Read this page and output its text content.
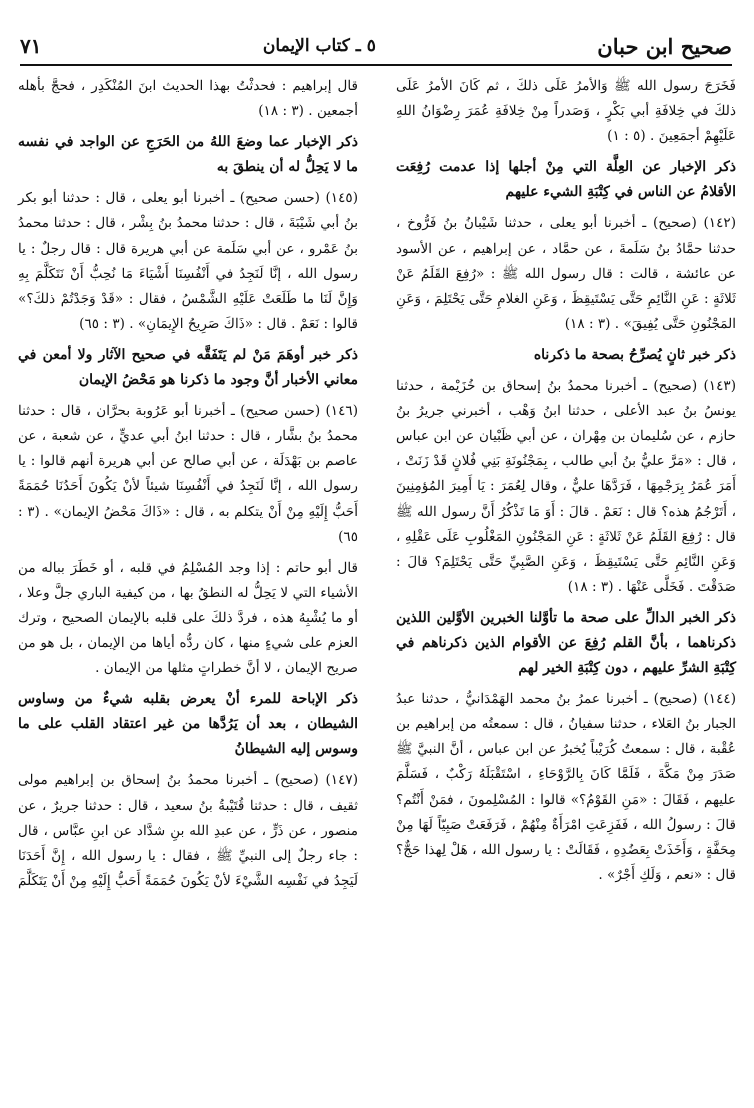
صحيح ابن حبان
٥ ـ كتاب الإيمان
٧١

فَخَرَجَ رسول الله ﷺ وَالأمرُ عَلَى ذلكَ ، ثم كَانَ الأمرُ عَلَى ذلكَ في خِلافَةِ أبي بَكْرٍ ، وَصَدراً مِنْ خِلافَةِ عُمَرَ رِضْوَانُ اللهِ عَلَيْهِمْ أجمَعِينَ . (٥ : ١)

ذكر الإخبار عن العِلَّة التي مِنْ أجلها إذا عدمت رُفِعَت الأقلامُ عن الناس في كِتْبَةِ الشيء عليهم

(١٤٢) (صحيح) ـ أخبرنا أبو يعلى ، حدثنا شَيْبانُ بنُ فَرُّوخ ، حدثنا حمَّادُ بنُ سَلَمةَ ، عن حمَّاد ، عن إبراهيم ، عن الأسود عن عائشة ، قالت : قال رسول الله ﷺ : «رُفِعَ القَلَمُ عَنْ ثَلاثَةٍ : عَنِ النَّائِمِ حَتَّى يَسْتَيقِظَ ، وَعَنِ الغلامِ حَتَّى يَحْتَلِمَ ، وَعَنِ المَجْنُونِ حَتَّى يُفِيقَ» . (٣ : ١٨)

ذكر خبر ثانٍ يُصرِّحُ بصحة ما ذكرناه

(١٤٣) (صحيح) ـ أخبرنا محمدُ بنُ إسحاق بن خُزَيْمة ، حدثنا يونسُ بنُ عبد الأعلى ، حدثنا ابنُ وَهْب ، أخبرني جريرُ بنُ حازم ، عن سُليمان بن مِهْران ، عن أبي ظَبْيان عن ابن عباس ، قال : «مَرَّ عليُّ بنُ أبي طالب ، بِمَجْنُونَةِ بَنِي فُلانٍ قَدْ زَنَتْ ، أَمَرَ عُمَرُ بِرَجْمِهَا ، فَرَدَّهَا عليٌّ ، وقال لِعُمَرَ : يَا أَمِيرَ المُؤمِنِينَ ، أَتَرْجُمُ هذه؟ قال : نَعَمْ . قالَ : أَوَ مَا تَذْكُرُ أَنَّ رسول الله ﷺ قال : رُفِعَ القَلَمُ عَنْ ثَلاثَةٍ : عَنِ المَجْنُونِ المَغْلُوبِ عَلَى عَقْلِهِ ، وَعَنِ النَّائِمِ حَتَّى يَسْتَيقِظَ ، وَعَنِ الصَّبِيِّ حَتَّى يَحْتَلِمَ؟ قالَ : صَدَقْتَ . فَخَلَّى عَنْهَا . (٣ : ١٨)

ذكر الخبر الدالِّ على صحة ما تأوَّلنا الخبرين الأوَّلين اللذين ذكرناهما ، بأنَّ القلم رُفِعَ عن الأقوام الذين ذكرناهم في كِتْبَةِ الشرِّ عليهم ، دون كِتْبَةِ الخير لهم

(١٤٤) (صحيح) ـ أخبرنا عمرُ بنُ محمد الهَمْدَانيُّ ، حدثنا عبدُ الجبار بنُ العَلاء ، حدثنا سفيانُ ، قال : سمعتُه من إبراهيم بن عُقْبة ، قال : سمعتُ كُرَيْباً يُخبرُ عن ابن عباس ، أنَّ النبيَّ ﷺ صَدَرَ مِنْ مَكَّةَ ، فَلَمَّا كَانَ بِالرَّوْحَاءِ ، اسْتَقْبَلَهُ رَكْبٌ ، فَسَلَّمَ عليهم ، فَقَالَ : «مَنِ القَوْمُ؟» قالوا : المُسْلِمونَ ، فمَنْ أَنْتُم؟ قالَ : رسولُ الله ، فَفَزِعَتِ امْرَأَةٌ مِنْهُمْ ، فَرَفَعَتْ صَبِيّاً لَهَا مِنْ مِحَفَّةٍ ، وَأَخَذَتْ بِعَضُدِهِ ، فَقَالَتْ : يا رسول الله ، هَلْ لِهذا حَجٌّ؟ قال : «نعم ، وَلَكِ أَجْرٌ» .

قال إبراهيم : فحدثْتُ بهذا الحديث ابنَ المُنْكَدِر ، فحجَّ بأهله أجمعين . (٣ : ١٨)

ذكر الإخبار عما وضعَ اللهُ من الحَرَجِ عن الواجد في نفسه ما لا يَحِلُّ له أن ينطقَ به

(١٤٥) (حسن صحيح) ـ أخبرنا أبو يعلى ، قال : حدثنا أبو بكر بنُ أبي شَيْبَةَ ، قال : حدثنا محمدُ بنُ بِشْر ، قال : حدثنا محمدُ بنُ عَمْرو ، عن أبي سَلَمة عن أبي هريرة قال : قال رجلٌ : يا رسول الله ، إنَّا لَنَجِدُ في أَنْفُسِنَا أَشْيَاءَ مَا نُحِبُّ أَنْ نَتَكَلَّمَ بِهِ وَإِنَّ لَنَا ما طَلَعَتْ عَلَيْهِ الشَّمْسُ ، فقال : «قَدْ وَجَدْتُمْ ذلكَ؟» قالوا : نَعَمْ . قال : «ذَاكَ صَرِيحُ الإِيمَانِ» . (٣ : ٦٥)

ذكر خبر أوهَمَ مَنْ لم يَتَفَقَّه في صحيح الآثار ولا أمعن في معاني الأخبار أنَّ وجود ما ذكرنا هو مَحْضُ الإيمان

(١٤٦) (حسن صحيح) ـ أخبرنا أبو عَرُوبة بحرَّان ، قال : حدثنا محمدُ بنُ بشَّار ، قال : حدثنا ابنُ أبي عديٍّ ، عن شعبة ، عن عاصم بن بَهْدَلَة ، عن أبي صالح عن أبي هريرة أنهم قالوا : يا رسول الله ، إنَّا لَنَجِدُ في أَنْفُسِنَا شيئاً لأنْ يَكُونَ أَحَدُنَا حُمَمَةً أَحَبُّ إِلَيْهِ مِنْ أَنْ يتكلم به ، قال : «ذَاكَ مَحْضُ الإيمان» . (٣ : ٦٥)

قال أبو حاتم : إذا وجد المُسْلِمُ في قلبه ، أو خَطَرَ بباله من الأشياء التي لا يَحِلُّ له النطقُ بها ، من كيفية الباري جلَّ وعلا ، أو ما يُشْبِهُ هذه ، فردَّ ذلكَ على قلبه بالإيمان الصحيح ، وترك العزم على شيءٍ منها ، كان ردُّه أياها من الإيمان ، بل هو من صريح الإيمان ، لا أنَّ خطراتٍ مثلها من الإيمان .

ذكر الإباحة للمرء أنْ يعرض بقلبه شيءٌ من وساوس الشيطان ، بعد أن يَرُدَّها من غير اعتقاد القلب على ما وسوس إليه الشيطانُ

(١٤٧) (صحيح) ـ أخبرنا محمدُ بنُ إسحاق بن إبراهيم مولى ثقيف ، قال : حدثنا قُتَيْبةُ بنُ سعيد ، قال : حدثنا جريرٌ ، عن منصور ، عن ذَرٍّ ، عن عبدِ الله بنِ شدَّاد عن ابنِ عبَّاس ، قال : جاء رجلٌ إلى النبيِّ ﷺ ، فقال : يا رسول الله ، إِنَّ أَحَدَنَا لَيَجِدُ في نَفْسِه الشَّيْءَ لأنْ يَكُونَ حُمَمَةً أَحَبُّ إِلَيْهِ مِنْ أَنْ يَتَكَلَّمَ
